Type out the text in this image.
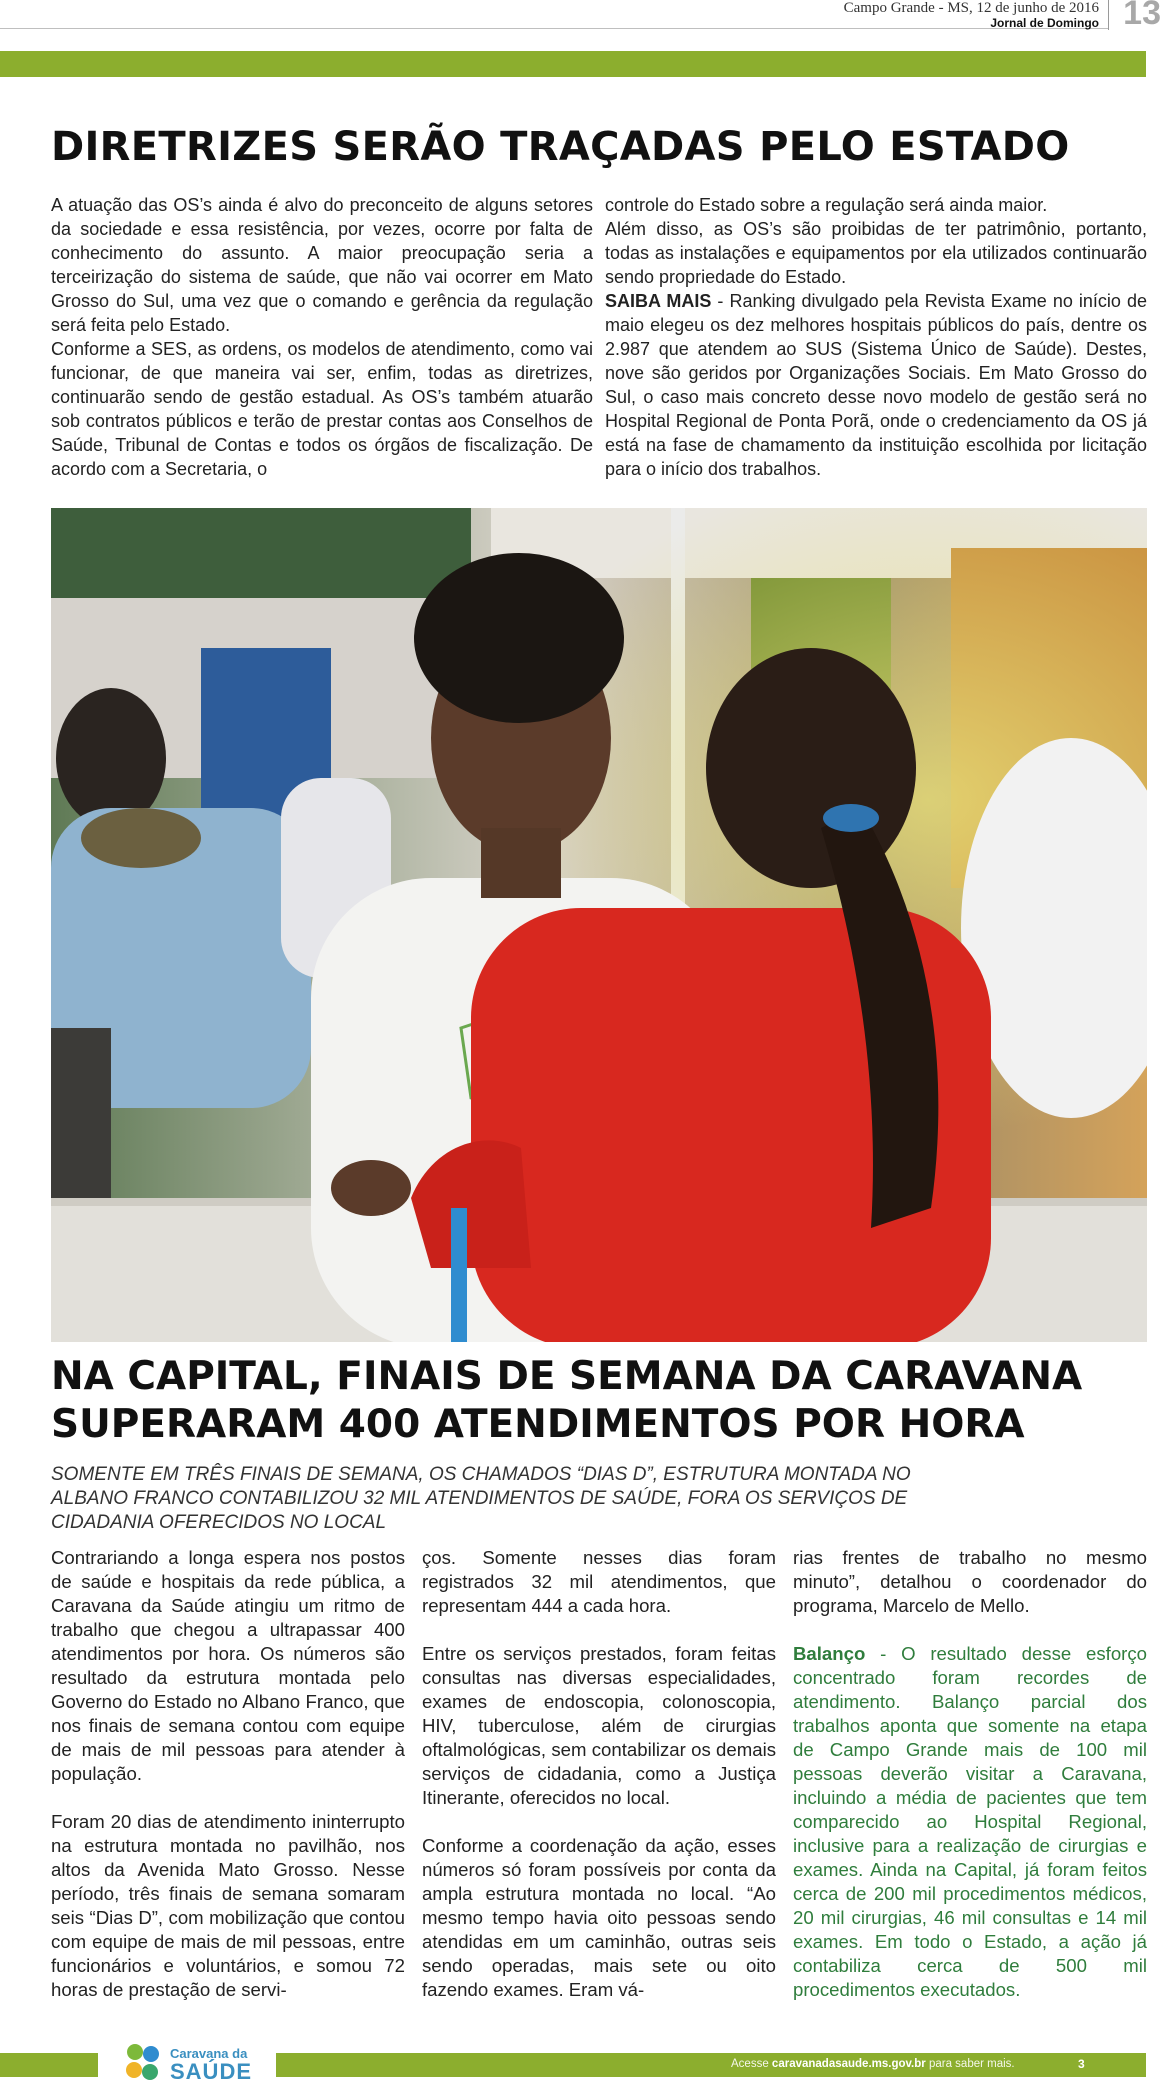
Campo Grande - MS, 12 de junho de 2016
Jornal de Domingo 13
DIRETRIZES SERÃO TRAÇADAS PELO ESTADO

A atuação das OS’s ainda é alvo do preconceito de alguns setores da sociedade e essa resistência, por vezes, ocorre por falta de conhecimento do assunto. A maior preocupação seria a terceirização do sistema de saúde, que não vai ocorrer em Mato Grosso do Sul, uma vez que o comando e gerência da regulação será feita pelo Estado.

Conforme a SES, as ordens, os modelos de atendimento, como vai funcionar, de que maneira vai ser, enfim, todas as diretrizes, continuarão sendo de gestão estadual. As OS’s também atuarão sob contratos públicos e terão de prestar contas aos Conselhos de Saúde, Tribunal de Contas e todos os órgãos de fiscalização. De acordo com a Secretaria, o

controle do Estado sobre a regulação será ainda maior.

Além disso, as OS’s são proibidas de ter patrimônio, portanto, todas as instalações e equipamentos por ela utilizados continuarão sendo propriedade do Estado.

SAIBA MAIS - Ranking divulgado pela Revista Exame no início de maio elegeu os dez melhores hospitais públicos do país, dentre os 2.987 que atendem ao SUS (Sistema Único de Saúde). Destes, nove são geridos por Organizações Sociais. Em Mato Grosso do Sul, o caso mais concreto desse novo modelo de gestão será no Hospital Regional de Ponta Porã, onde o credenciamento da OS já está na fase de chamamento da instituição escolhida por licitação para o início dos trabalhos.

NA CAPITAL, FINAIS DE SEMANA DA CARAVANA
SUPERARAM 400 ATENDIMENTOS POR HORA
SOMENTE EM TRÊS FINAIS DE SEMANA, OS CHAMADOS “DIAS D”, ESTRUTURA MONTADA NO ALBANO FRANCO CONTABILIZOU 32 MIL ATENDIMENTOS DE SAÚDE, FORA OS SERVIÇOS DE CIDADANIA OFERECIDOS NO LOCAL

Contrariando a longa espera nos postos de saúde e hospitais da rede pública, a Caravana da Saúde atingiu um ritmo de trabalho que chegou a ultrapassar 400 atendimentos por hora. Os números são resultado da estrutura montada pelo Governo do Estado no Albano Franco, que nos finais de semana contou com equipe de mais de mil pessoas para atender à população.

Foram 20 dias de atendimento ininterrupto na estrutura montada no pavilhão, nos altos da Avenida Mato Grosso. Nesse período, três finais de semana somaram seis “Dias D”, com mobilização que contou com equipe de mais de mil pessoas, entre funcionários e voluntários, e somou 72 horas de prestação de servi-

ços. Somente nesses dias foram registrados 32 mil atendimentos, que representam 444 a cada hora.

Entre os serviços prestados, foram feitas consultas nas diversas especialidades, exames de endoscopia, colonoscopia, HIV, tuberculose, além de cirurgias oftalmológicas, sem contabilizar os demais serviços de cidadania, como a Justiça Itinerante, oferecidos no local.

Conforme a coordenação da ação, esses números só foram possíveis por conta da ampla estrutura montada no local. “Ao mesmo tempo havia oito pessoas sendo atendidas em um caminhão, outras seis sendo operadas, mais sete ou oito fazendo exames. Eram vá-

rias frentes de trabalho no mesmo minuto”, detalhou o coordenador do programa, Marcelo de Mello.

Balanço - O resultado desse esforço concentrado foram recordes de atendimento. Balanço parcial dos trabalhos aponta que somente na etapa de Campo Grande mais de 100 mil pessoas deverão visitar a Caravana, incluindo a média de pacientes que tem comparecido ao Hospital Regional, inclusive para a realização de cirurgias e exames. Ainda na Capital, já foram feitos cerca de 200 mil procedimentos médicos, 20 mil cirurgias, 46 mil consultas e 14 mil exames. Em todo o Estado, a ação já contabiliza cerca de 500 mil procedimentos executados.

Caravana da
SAÚDE	Acesse caravanadasaude.ms.gov.br para saber mais.	3
